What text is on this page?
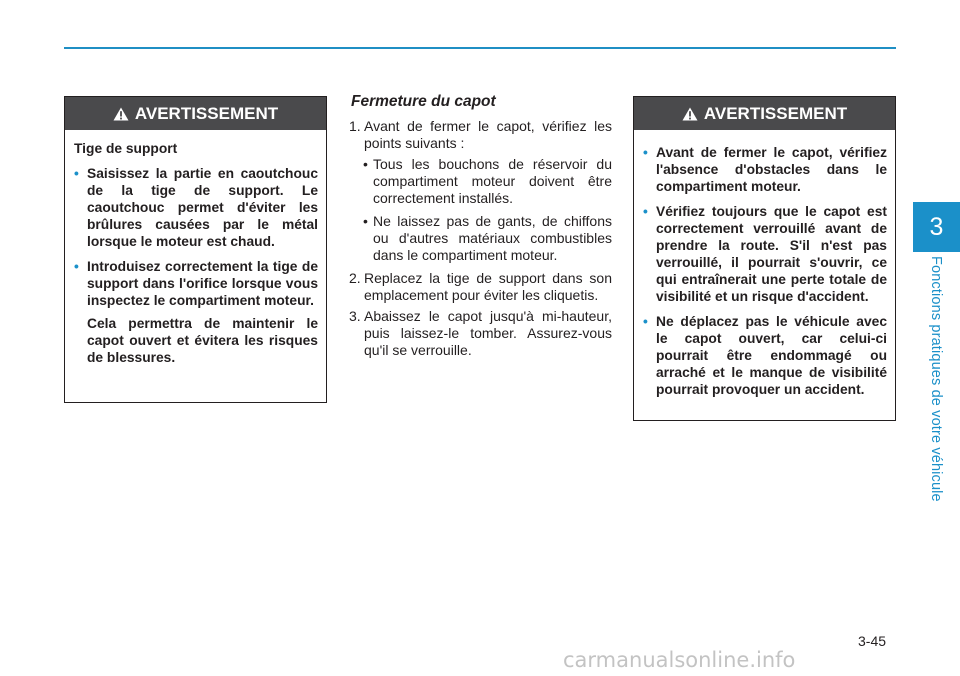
AVERTISSEMENT
Tige de support
• Saisissez la partie en caoutchouc de la tige de support. Le caoutchouc permet d'éviter les brûlures causées par le métal lorsque le moteur est chaud.
• Introduisez correctement la tige de support dans l'orifice lorsque vous inspectez le compartiment moteur.
Cela permettra de maintenir le capot ouvert et évitera les risques de blessures.
Fermeture du capot
1. Avant de fermer le capot, vérifiez les points suivants :
• Tous les bouchons de réservoir du compartiment moteur doivent être correctement installés.
• Ne laissez pas de gants, de chiffons ou d'autres matériaux combustibles dans le compartiment moteur.
2. Replacez la tige de support dans son emplacement pour éviter les cliquetis.
3. Abaissez le capot jusqu'à mi-hauteur, puis laissez-le tomber. Assurez-vous qu'il se verrouille.
AVERTISSEMENT
• Avant de fermer le capot, vérifiez l'absence d'obstacles dans le compartiment moteur.
• Vérifiez toujours que le capot est correctement verrouillé avant de prendre la route. S'il n'est pas verrouillé, il pourrait s'ouvrir, ce qui entraînerait une perte totale de visibilité et un risque d'accident.
• Ne déplacez pas le véhicule avec le capot ouvert, car celui-ci pourrait être endommagé ou arraché et le manque de visibilité pourrait provoquer un accident.
3
Fonctions pratiques de votre véhicule
3-45
carmanualsonline.info
